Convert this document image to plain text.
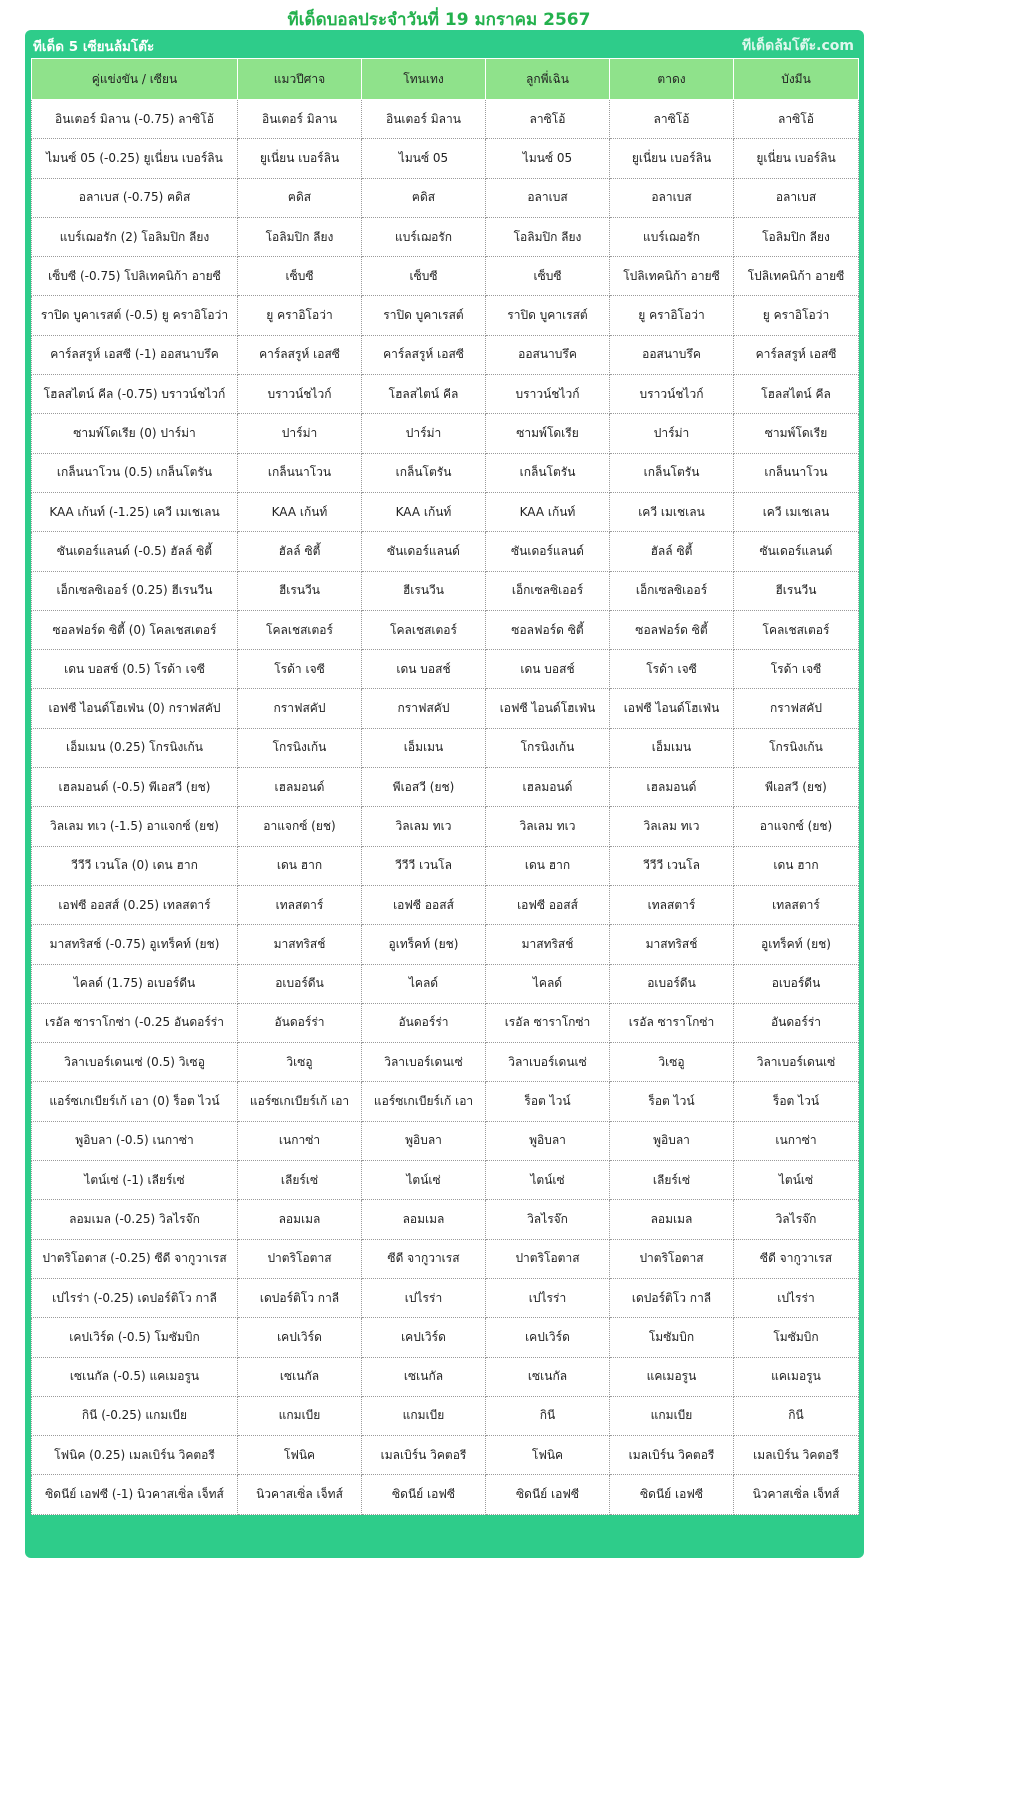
ทีเด็ดบอลประจำวันที่ 19 มกราคม 2567
ทีเด็ด 5 เซียนล้มโต๊ะ	ทีเด็ดล้มโต๊ะ.com
คู่แข่งขัน / เซียน	แมวปีศาจ	โทนเทง	ลูกพี่เฉิน	ตาดง	บังมีน
อินเตอร์ มิลาน (-0.75) ลาซิโอ้	อินเตอร์ มิลาน	อินเตอร์ มิลาน	ลาซิโอ้	ลาซิโอ้	ลาซิโอ้
ไมนซ์ 05 (-0.25) ยูเนี่ยน เบอร์ลิน	ยูเนี่ยน เบอร์ลิน	ไมนซ์ 05	ไมนซ์ 05	ยูเนี่ยน เบอร์ลิน	ยูเนี่ยน เบอร์ลิน
อลาเบส (-0.75) ฅดิส	ฅดิส	ฅดิส	อลาเบส	อลาเบส	อลาเบส
แบร์เฌอรัก (2) โอลิมปิก ลียง	โอลิมปิก ลียง	แบร์เฌอรัก	โอลิมปิก ลียง	แบร์เฌอรัก	โอลิมปิก ลียง
เซ็บซี (-0.75) โปลิเทคนิก้า อายซี	เซ็บซี	เซ็บซี	เซ็บซี	โปลิเทคนิก้า อายซี	โปลิเทคนิก้า อายซี
ราปิด บูคาเรสต์ (-0.5) ยู คราอิโอว่า	ยู คราอิโอว่า	ราปิด บูคาเรสต์	ราปิด บูคาเรสต์	ยู คราอิโอว่า	ยู คราอิโอว่า
คาร์ลสรูห์ เอสซี (-1) ออสนาบรึค	คาร์ลสรูห์ เอสซี	คาร์ลสรูห์ เอสซี	ออสนาบรึค	ออสนาบรึค	คาร์ลสรูห์ เอสซี
โฮลสไตน์ คีล (-0.75) บราวน์ชไวก์	บราวน์ชไวก์	โฮลสไตน์ คีล	บราวน์ชไวก์	บราวน์ชไวก์	โฮลสไตน์ คีล
ซามพ์โดเรีย (0) ปาร์ม่า	ปาร์ม่า	ปาร์ม่า	ซามพ์โดเรีย	ปาร์ม่า	ซามพ์โดเรีย
เกล็นนาโวน (0.5) เกล็นโตรัน	เกล็นนาโวน	เกล็นโตรัน	เกล็นโตรัน	เกล็นโตรัน	เกล็นนาโวน
KAA เก้นท์ (-1.25) เควี เมเชเลน	KAA เก้นท์	KAA เก้นท์	KAA เก้นท์	เควี เมเชเลน	เควี เมเชเลน
ซันเดอร์แลนด์ (-0.5) ฮัลล์ ซิตี้	ฮัลล์ ซิตี้	ซันเดอร์แลนด์	ซันเดอร์แลนด์	ฮัลล์ ซิตี้	ซันเดอร์แลนด์
เอ็กเซลซิเออร์ (0.25) ฮีเรนวีน	ฮีเรนวีน	ฮีเรนวีน	เอ็กเซลซิเออร์	เอ็กเซลซิเออร์	ฮีเรนวีน
ซอลฟอร์ด ซิตี้ (0) โคลเชสเตอร์	โคลเชสเตอร์	โคลเชสเตอร์	ซอลฟอร์ด ซิตี้	ซอลฟอร์ด ซิตี้	โคลเชสเตอร์
เดน บอสช์ (0.5) โรด้า เจซี	โรด้า เจซี	เดน บอสช์	เดน บอสช์	โรด้า เจซี	โรด้า เจซี
เอฟซี ไอนด์โฮเฟ่น (0) กราฟสคัป	กราฟสคัป	กราฟสคัป	เอฟซี ไอนด์โฮเฟ่น	เอฟซี ไอนด์โฮเฟ่น	กราฟสคัป
เอ็มเมน (0.25) โกรนิงเก้น	โกรนิงเก้น	เอ็มเมน	โกรนิงเก้น	เอ็มเมน	โกรนิงเก้น
เฮลมอนด์ (-0.5) พีเอสวี (ยช)	เฮลมอนด์	พีเอสวี (ยช)	เฮลมอนด์	เฮลมอนด์	พีเอสวี (ยช)
วิลเลม ทเว (-1.5) อาแจกซ์ (ยช)	อาแจกซ์ (ยช)	วิลเลม ทเว	วิลเลม ทเว	วิลเลม ทเว	อาแจกซ์ (ยช)
วีวีวี เวนโล (0) เดน ฮาก	เดน ฮาก	วีวีวี เวนโล	เดน ฮาก	วีวีวี เวนโล	เดน ฮาก
เอฟซี ออสส์ (0.25) เทลสตาร์	เทลสตาร์	เอฟซี ออสส์	เอฟซี ออสส์	เทลสตาร์	เทลสตาร์
มาสทริสช์ (-0.75) อูเทร็คท์ (ยช)	มาสทริสช์	อูเทร็คท์ (ยช)	มาสทริสช์	มาสทริสช์	อูเทร็คท์ (ยช)
ไคลด์ (1.75) อเบอร์ดีน	อเบอร์ดีน	ไคลด์	ไคลด์	อเบอร์ดีน	อเบอร์ดีน
เรอัล ซาราโกซ่า (-0.25 อันดอร์ร่า	อันดอร์ร่า	อันดอร์ร่า	เรอัล ซาราโกซ่า	เรอัล ซาราโกซ่า	อันดอร์ร่า
วิลาเบอร์เดนเซ่ (0.5) วิเซอู	วิเซอู	วิลาเบอร์เดนเซ่	วิลาเบอร์เดนเซ่	วิเซอู	วิลาเบอร์เดนเซ่
แอร์ซเกเบียร์เก้ เอา (0) ร็อต ไวน์	แอร์ซเกเบียร์เก้ เอา	แอร์ซเกเบียร์เก้ เอา	ร็อต ไวน์	ร็อต ไวน์	ร็อต ไวน์
พูอิบลา (-0.5) เนกาซ่า	เนกาซ่า	พูอิบลา	พูอิบลา	พูอิบลา	เนกาซ่า
ไตน์เซ่ (-1) เลียร์เซ่	เลียร์เซ่	ไตน์เซ่	ไตน์เซ่	เลียร์เซ่	ไตน์เซ่
ลอมเมล (-0.25) วิลไรจ๊ก	ลอมเมล	ลอมเมล	วิลไรจ๊ก	ลอมเมล	วิลไรจ๊ก
ปาตริโอตาส (-0.25) ซีดี จากูวาเรส	ปาตริโอตาส	ซีดี จากูวาเรส	ปาตริโอตาส	ปาตริโอตาส	ซีดี จากูวาเรส
เปไรร่า (-0.25) เดปอร์ติโว กาลี	เดปอร์ติโว กาลี	เปไรร่า	เปไรร่า	เดปอร์ติโว กาลี	เปไรร่า
เคปเวิร์ด (-0.5) โมซัมบิก	เคปเวิร์ด	เคปเวิร์ด	เคปเวิร์ด	โมซัมบิก	โมซัมบิก
เซเนกัล (-0.5) แคเมอรูน	เซเนกัล	เซเนกัล	เซเนกัล	แคเมอรูน	แคเมอรูน
กินี (-0.25) แกมเบีย	แกมเบีย	แกมเบีย	กินี	แกมเบีย	กินี
โฟนิค (0.25) เมลเบิร์น วิคตอรี	โฟนิค	เมลเบิร์น วิคตอรี	โฟนิค	เมลเบิร์น วิคตอรี	เมลเบิร์น วิคตอรี
ซิดนีย์ เอฟซี (-1) นิวคาสเซิ่ล เจ็ทส์	นิวคาสเซิ่ล เจ็ทส์	ซิดนีย์ เอฟซี	ซิดนีย์ เอฟซี	ซิดนีย์ เอฟซี	นิวคาสเซิ่ล เจ็ทส์
